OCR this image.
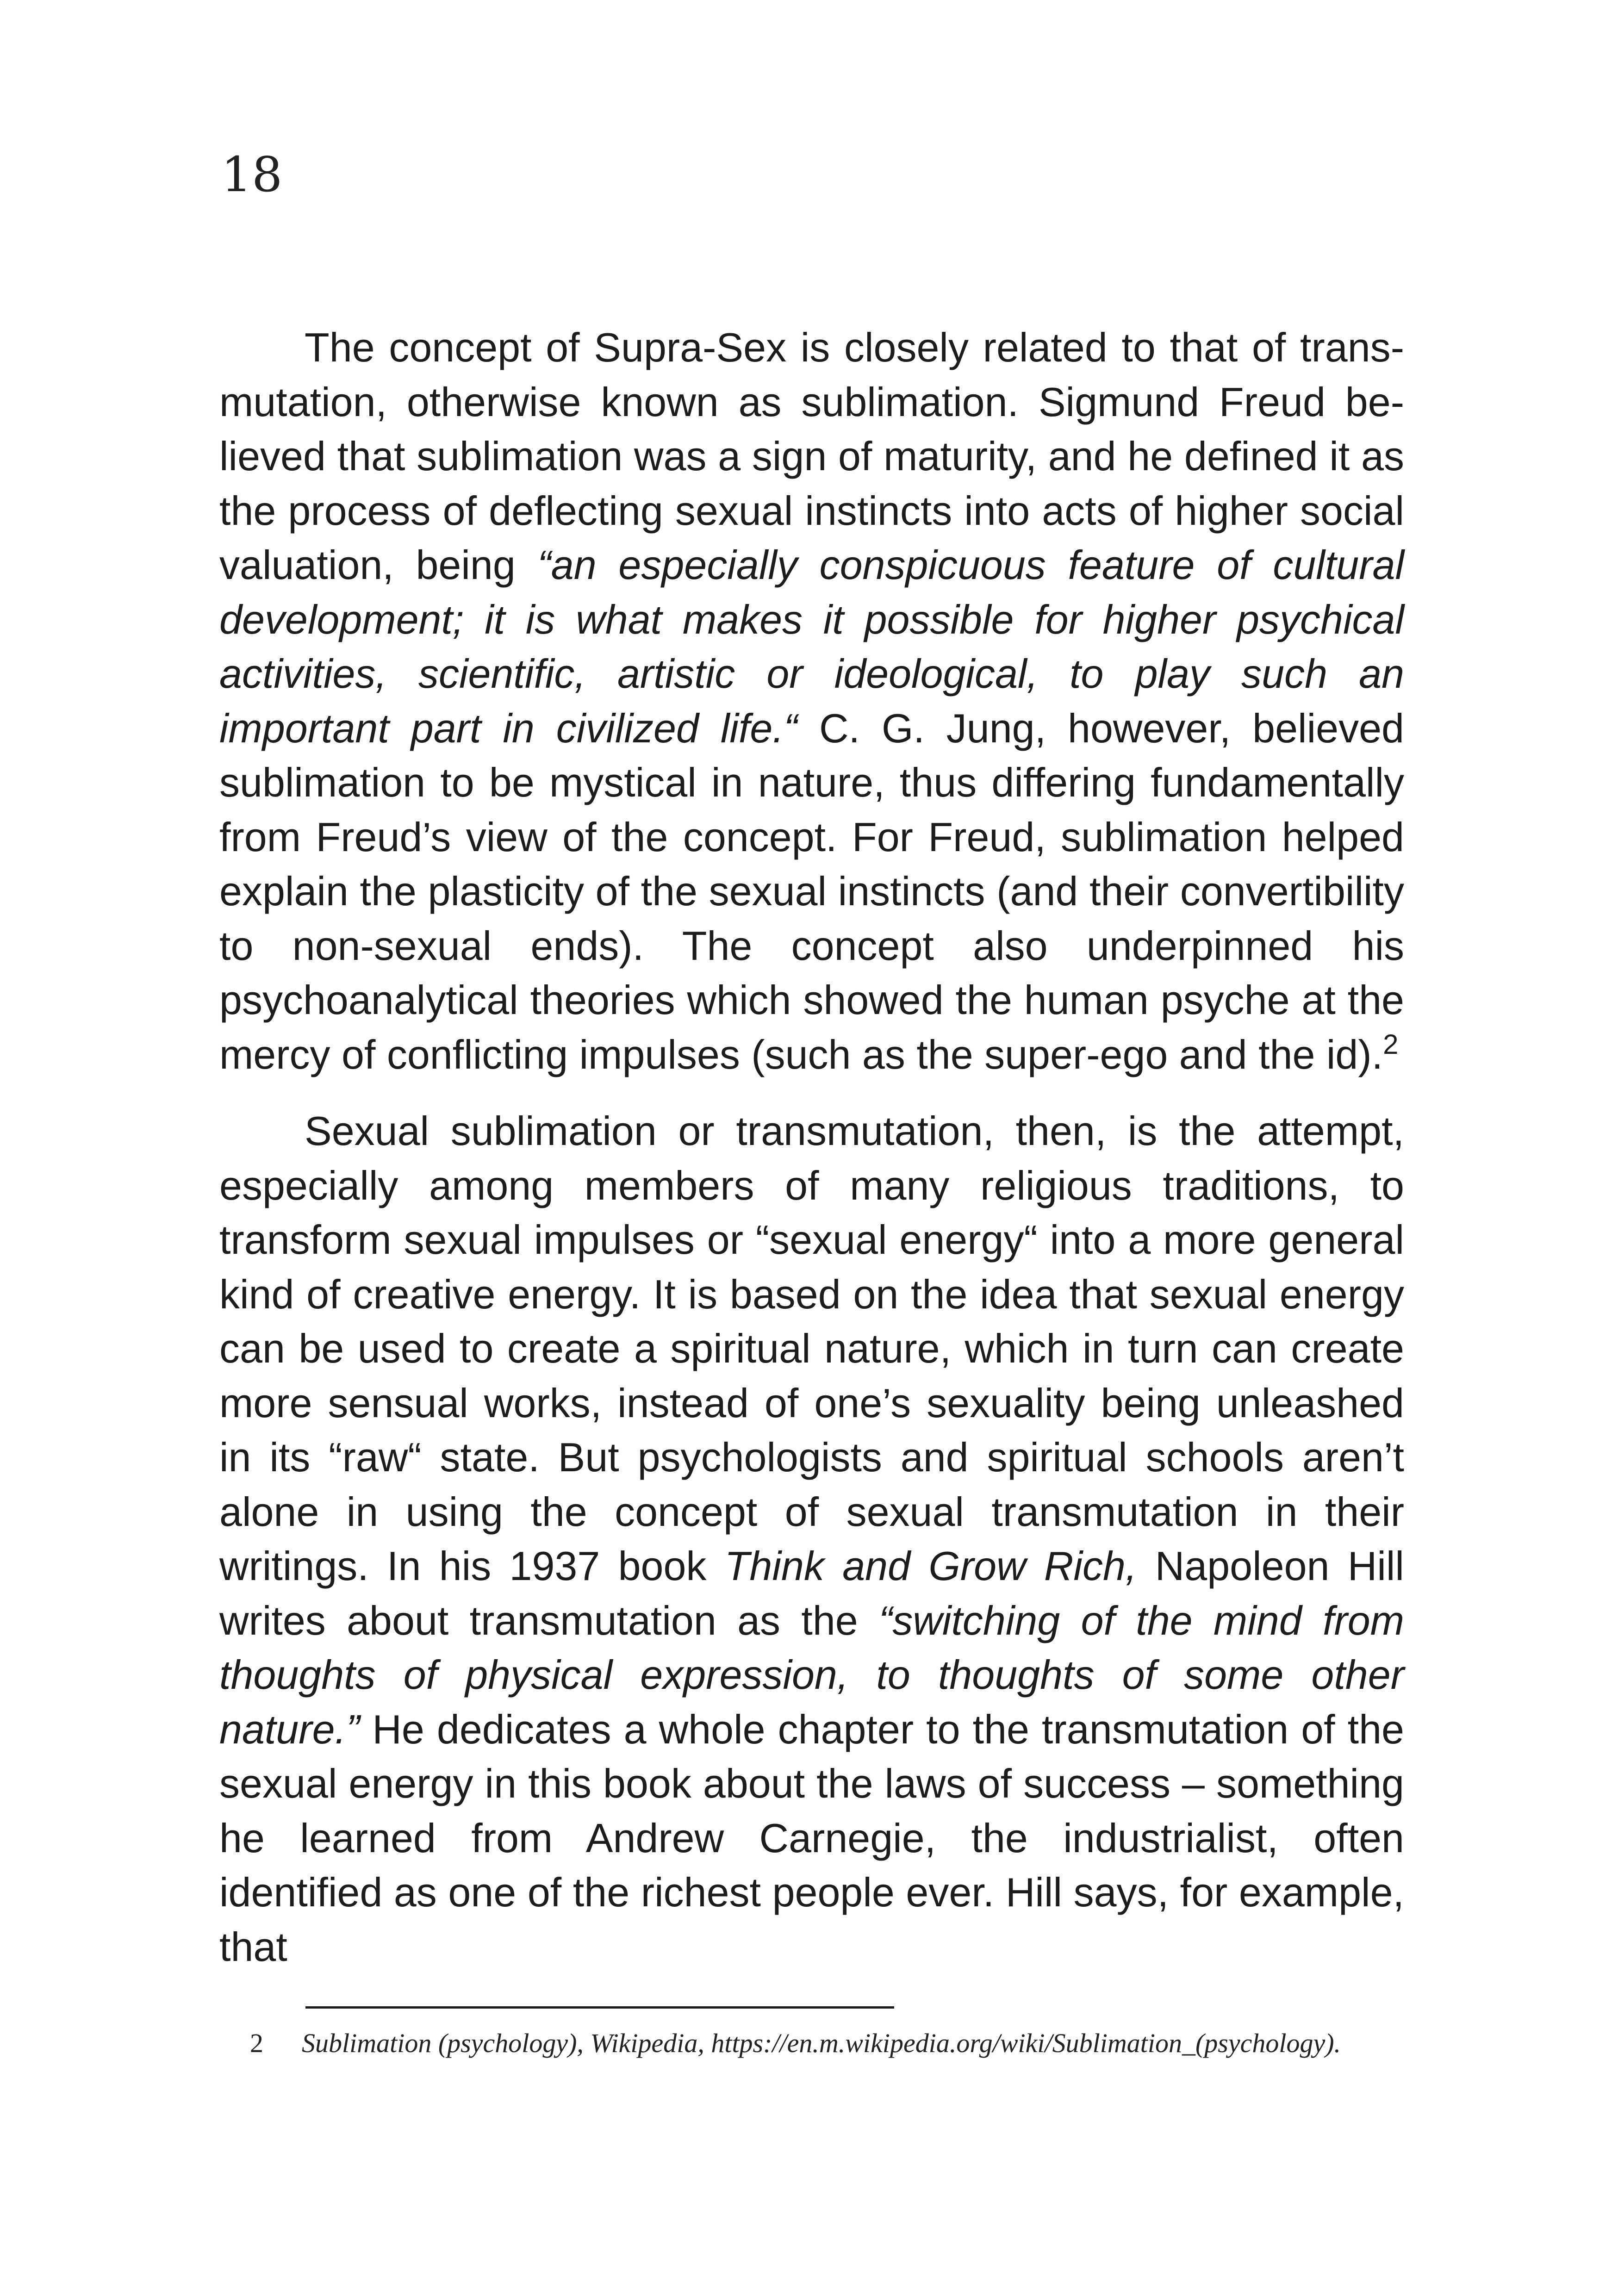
18

The concept of Supra-Sex is closely related to that of transmutation, otherwise known as sublimation. Sigmund Freud believed that sublimation was a sign of maturity, and he defined it as the process of deflecting sexual instincts into acts of higher social valuation, being “an especially conspicuous feature of cultural development; it is what makes it possible for higher psychical activities, scientific, artistic or ideological, to play such an important part in civilized life.“ C. G. Jung, however, believed sublimation to be mystical in nature, thus differing fundamentally from Freud’s view of the concept. For Freud, sublimation helped explain the plasticity of the sexual instincts (and their convertibility to non-sexual ends). The concept also underpinned his psychoanalytical theories which showed the human psyche at the mercy of conflicting impulses (such as the super-ego and the id).$^2$

Sexual sublimation or transmutation, then, is the attempt, especially among members of many religious traditions, to transform sexual impulses or “sexual energy“ into a more general kind of creative energy. It is based on the idea that sexual energy can be used to create a spiritual nature, which in turn can create more sensual works, instead of one’s sexuality being unleashed in its “raw“ state. But psychologists and spiritual schools aren’t alone in using the concept of sexual transmutation in their writings. In his 1937 book Think and Grow Rich, Napoleon Hill writes about transmutation as the “switching of the mind from thoughts of physical expression, to thoughts of some other nature.” He dedicates a whole chapter to the transmutation of the sexual energy in this book about the laws of success – something he learned from Andrew Carnegie, the industrialist, often identified as one of the richest people ever. Hill says, for example, that

2 Sublimation (psychology), Wikipedia, https://en.m.wikipedia.org/wiki/Sublimation_(psychology).
